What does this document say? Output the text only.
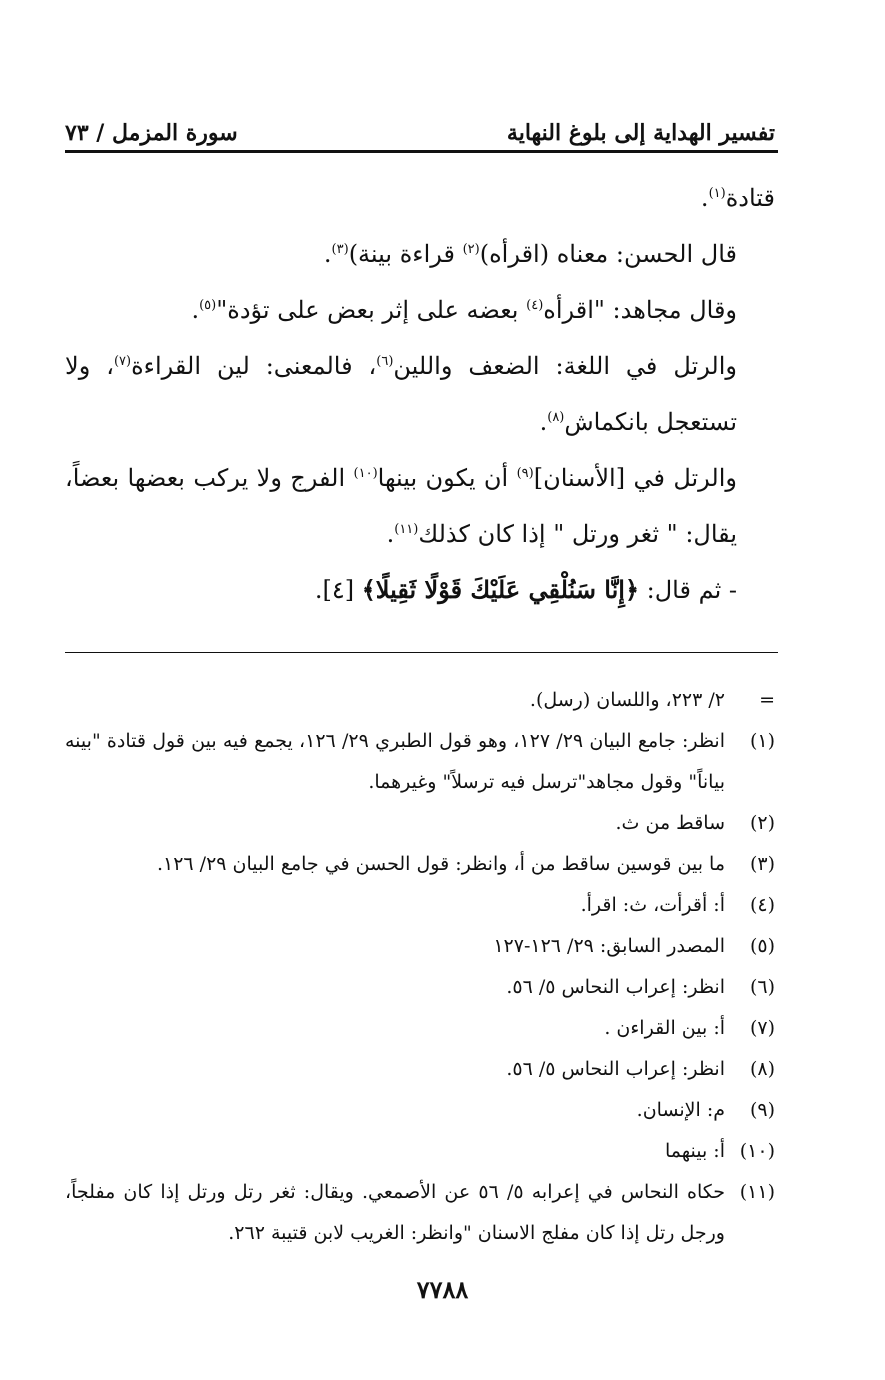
تفسير الهداية إلى بلوغ النهاية
سورة المزمل / ٧٣

قتادة$^{(١)}$.

قال الحسن: معناه (اقرأه)$^{(٢)}$ قراءة بينة)$^{(٣)}$.

وقال مجاهد: "اقرأه$^{(٤)}$ بعضه على إثر بعض على تؤدة"$^{(٥)}$.

والرتل في اللغة: الضعف واللين$^{(٦)}$، فالمعنى: لين القراءة$^{(٧)}$، ولا تستعجل بانكماش$^{(٨)}$.

والرتل في [الأسنان]$^{(٩)}$ أن يكون بينها$^{(١٠)}$ الفرج ولا يركب بعضها بعضاً، يقال: " ثغر ورتل " إذا كان كذلك$^{(١١)}$.

- ثم قال: ﴿إِنَّا سَنُلْقِي عَلَيْكَ قَوْلًا ثَقِيلًا﴾ [٤].

=
٢/ ٢٢٣، واللسان (رسل).
(١)
انظر: جامع البيان ٢٩/ ١٢٧، وهو قول الطبري ٢٩/ ١٢٦، يجمع فيه بين قول قتادة "بينه بياناً" وقول مجاهد"ترسل فيه ترسلاً" وغيرهما.
(٢)
ساقط من ث.
(٣)
ما بين قوسين ساقط من أ، وانظر: قول الحسن في جامع البيان ٢٩/ ١٢٦.
(٤)
أ: أقرأت، ث: اقرأ.
(٥)
المصدر السابق: ٢٩/ ١٢٦-١٢٧
(٦)
انظر: إعراب النحاس ٥/ ٥٦.
(٧)
أ: بين القراءن .
(٨)
انظر: إعراب النحاس ٥/ ٥٦.
(٩)
م: الإنسان.
(١٠)
أ: بينهما
(١١)
حكاه النحاس في إعرابه ٥/ ٥٦ عن الأصمعي. ويقال: ثغر رتل ورتل إذا كان مفلجاً، ورجل رتل إذا كان مفلج الاسنان "وانظر: الغريب لابن قتيبة ٢٦٢.
٧٧٨٨
